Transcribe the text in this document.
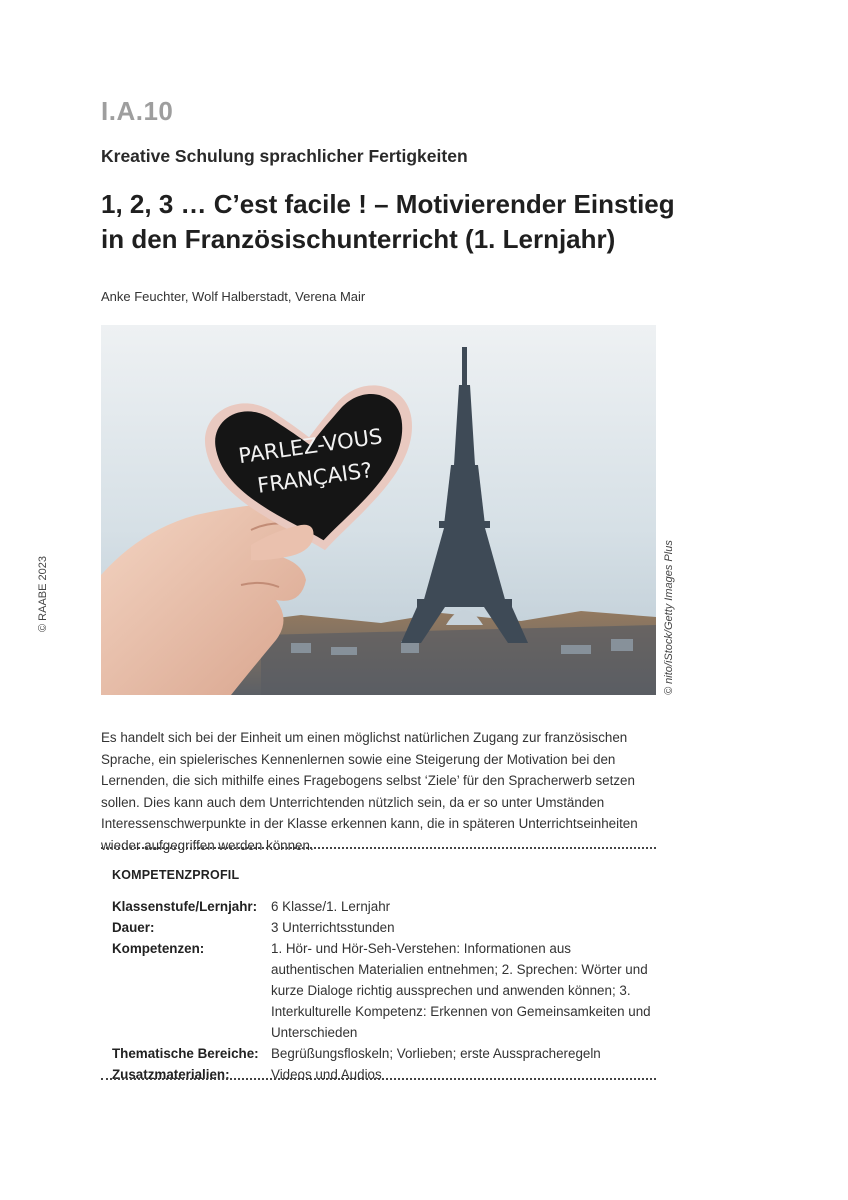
I.A.10
Kreative Schulung sprachlicher Fertigkeiten
1, 2, 3 … C’est facile ! – Motivierender Einstieg in den Französischunterricht (1. Lernjahr)
Anke Feuchter, Wolf Halberstadt, Verena Mair
PARLEZ-VOUS
FRANÇAIS?
© nito/iStock/Getty Images Plus
© RAABE 2023

Es handelt sich bei der Einheit um einen möglichst natürlichen Zugang zur französischen Sprache, ein spielerisches Kennenlernen sowie eine Steigerung der Motivation bei den Lernenden, die sich mithilfe eines Fragebogens selbst ‘Ziele’ für den Spracherwerb setzen sollen. Dies kann auch dem Unterrichtenden nützlich sein, da er so unter Umständen Interessenschwerpunkte in der Klasse erkennen kann, die in späteren Unterrichtseinheiten wieder aufgegriffen werden können.

KOMPETENZPROFIL
Klassenstufe/Lernjahr:	6 Klasse/1. Lernjahr
Dauer:	3 Unterrichtsstunden
Kompetenzen:	1. Hör- und Hör-Seh-Verstehen: Informationen aus authentischen Materialien entnehmen; 2. Sprechen: Wörter und kurze Dialoge richtig aussprechen und anwenden können; 3. Interkulturelle Kompetenz: Erkennen von Gemeinsamkeiten und Unterschieden
Thematische Bereiche: Begrüßungsfloskeln; Vorlieben; erste Ausspracheregeln
Zusatzmaterialien:	Videos und Audios
